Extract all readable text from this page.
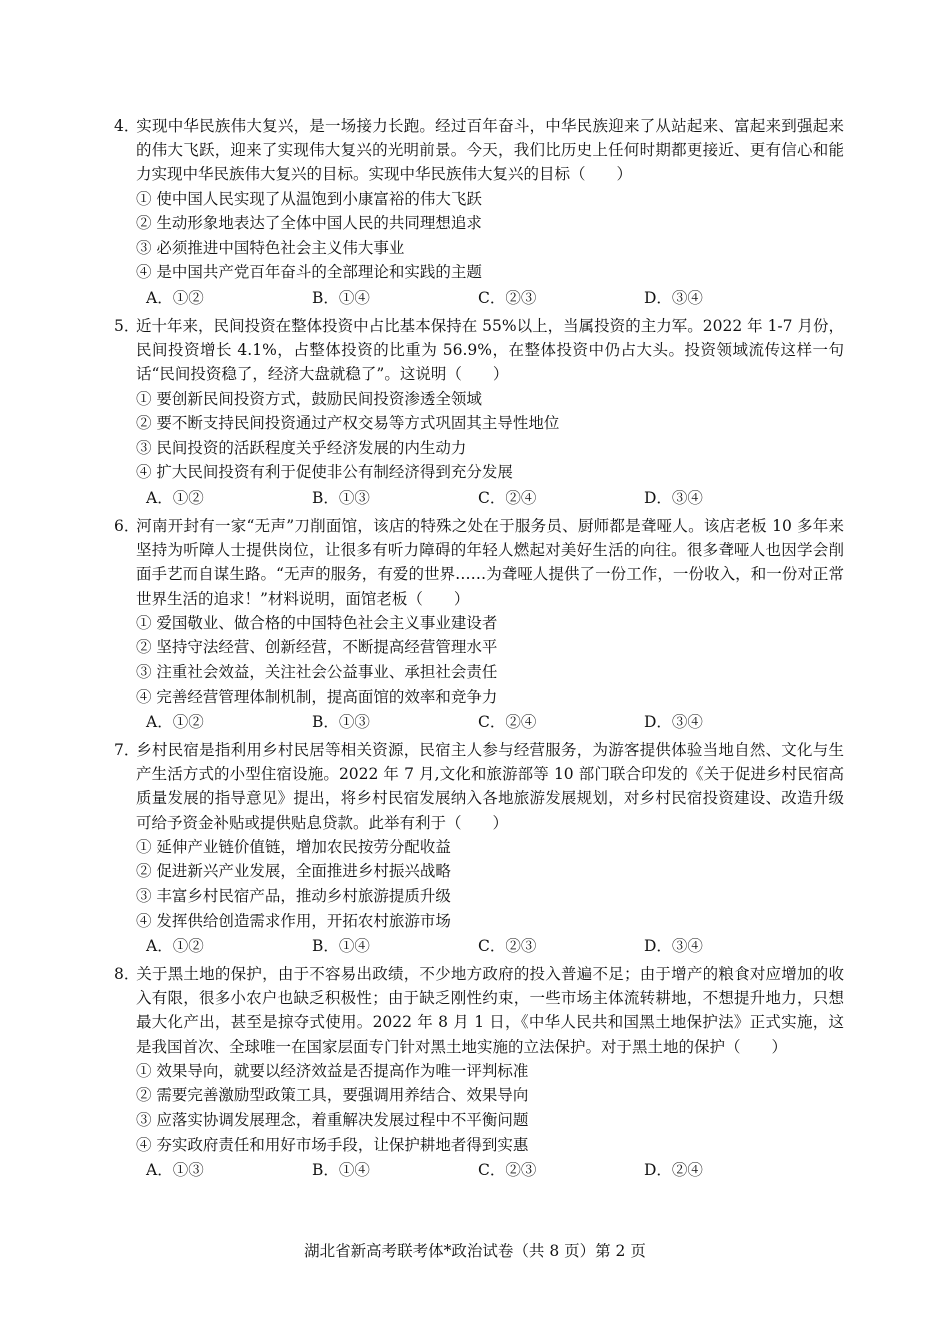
4．实现中华民族伟大复兴，是一场接力长跑。经过百年奋斗，中华民族迎来了从站起来、富起来到强起来的伟大飞跃，迎来了实现伟大复兴的光明前景。今天，我们比历史上任何时期都更接近、更有信心和能力实现中华民族伟大复兴的目标。实现中华民族伟大复兴的目标（　　）

① 使中国人民实现了从温饱到小康富裕的伟大飞跃
② 生动形象地表达了全体中国人民的共同理想追求
③ 必须推进中国特色社会主义伟大事业
④ 是中国共产党百年奋斗的全部理论和实践的主题
A．①②	B．①④	C．②③	D．③④

5．近十年来，民间投资在整体投资中占比基本保持在 55%以上，当属投资的主力军。2022 年 1-7 月份，民间投资增长 4.1%，占整体投资的比重为 56.9%，在整体投资中仍占大头。投资领域流传这样一句话“民间投资稳了，经济大盘就稳了”。这说明（　　）

① 要创新民间投资方式，鼓励民间投资渗透全领域
② 要不断支持民间投资通过产权交易等方式巩固其主导性地位
③ 民间投资的活跃程度关乎经济发展的内生动力
④ 扩大民间投资有利于促使非公有制经济得到充分发展
A．①②	B．①③	C．②④	D．③④

6．河南开封有一家“无声”刀削面馆，该店的特殊之处在于服务员、厨师都是聋哑人。该店老板 10 多年来坚持为听障人士提供岗位，让很多有听力障碍的年轻人燃起对美好生活的向往。很多聋哑人也因学会削面手艺而自谋生路。“无声的服务，有爱的世界……为聋哑人提供了一份工作，一份收入，和一份对正常世界生活的追求！”材料说明，面馆老板（　　）

① 爱国敬业、做合格的中国特色社会主义事业建设者
② 坚持守法经营、创新经营，不断提高经营管理水平
③ 注重社会效益，关注社会公益事业、承担社会责任
④ 完善经营管理体制机制，提高面馆的效率和竞争力
A．①②	B．①③	C．②④	D．③④

7．乡村民宿是指利用乡村民居等相关资源，民宿主人参与经营服务，为游客提供体验当地自然、文化与生产生活方式的小型住宿设施。2022 年 7 月,文化和旅游部等 10 部门联合印发的《关于促进乡村民宿高质量发展的指导意见》提出，将乡村民宿发展纳入各地旅游发展规划，对乡村民宿投资建设、改造升级可给予资金补贴或提供贴息贷款。此举有利于（　　）

① 延伸产业链价值链，增加农民按劳分配收益
② 促进新兴产业发展，全面推进乡村振兴战略
③ 丰富乡村民宿产品，推动乡村旅游提质升级
④ 发挥供给创造需求作用，开拓农村旅游市场
A．①②	B．①④	C．②③	D．③④

8．关于黑土地的保护，由于不容易出政绩，不少地方政府的投入普遍不足；由于增产的粮食对应增加的收入有限，很多小农户也缺乏积极性；由于缺乏刚性约束，一些市场主体流转耕地，不想提升地力，只想最大化产出，甚至是掠夺式使用。2022 年 8 月 1 日，《中华人民共和国黑土地保护法》正式实施，这是我国首次、全球唯一在国家层面专门针对黑土地实施的立法保护。对于黑土地的保护（　　）

① 效果导向，就要以经济效益是否提高作为唯一评判标准
② 需要完善激励型政策工具，要强调用养结合、效果导向
③ 应落实协调发展理念，着重解决发展过程中不平衡问题
④ 夯实政府责任和用好市场手段，让保护耕地者得到实惠
A．①③	B．①④	C．②③	D．②④
湖北省新高考联考体*政治试卷（共 8 页）第 2 页
